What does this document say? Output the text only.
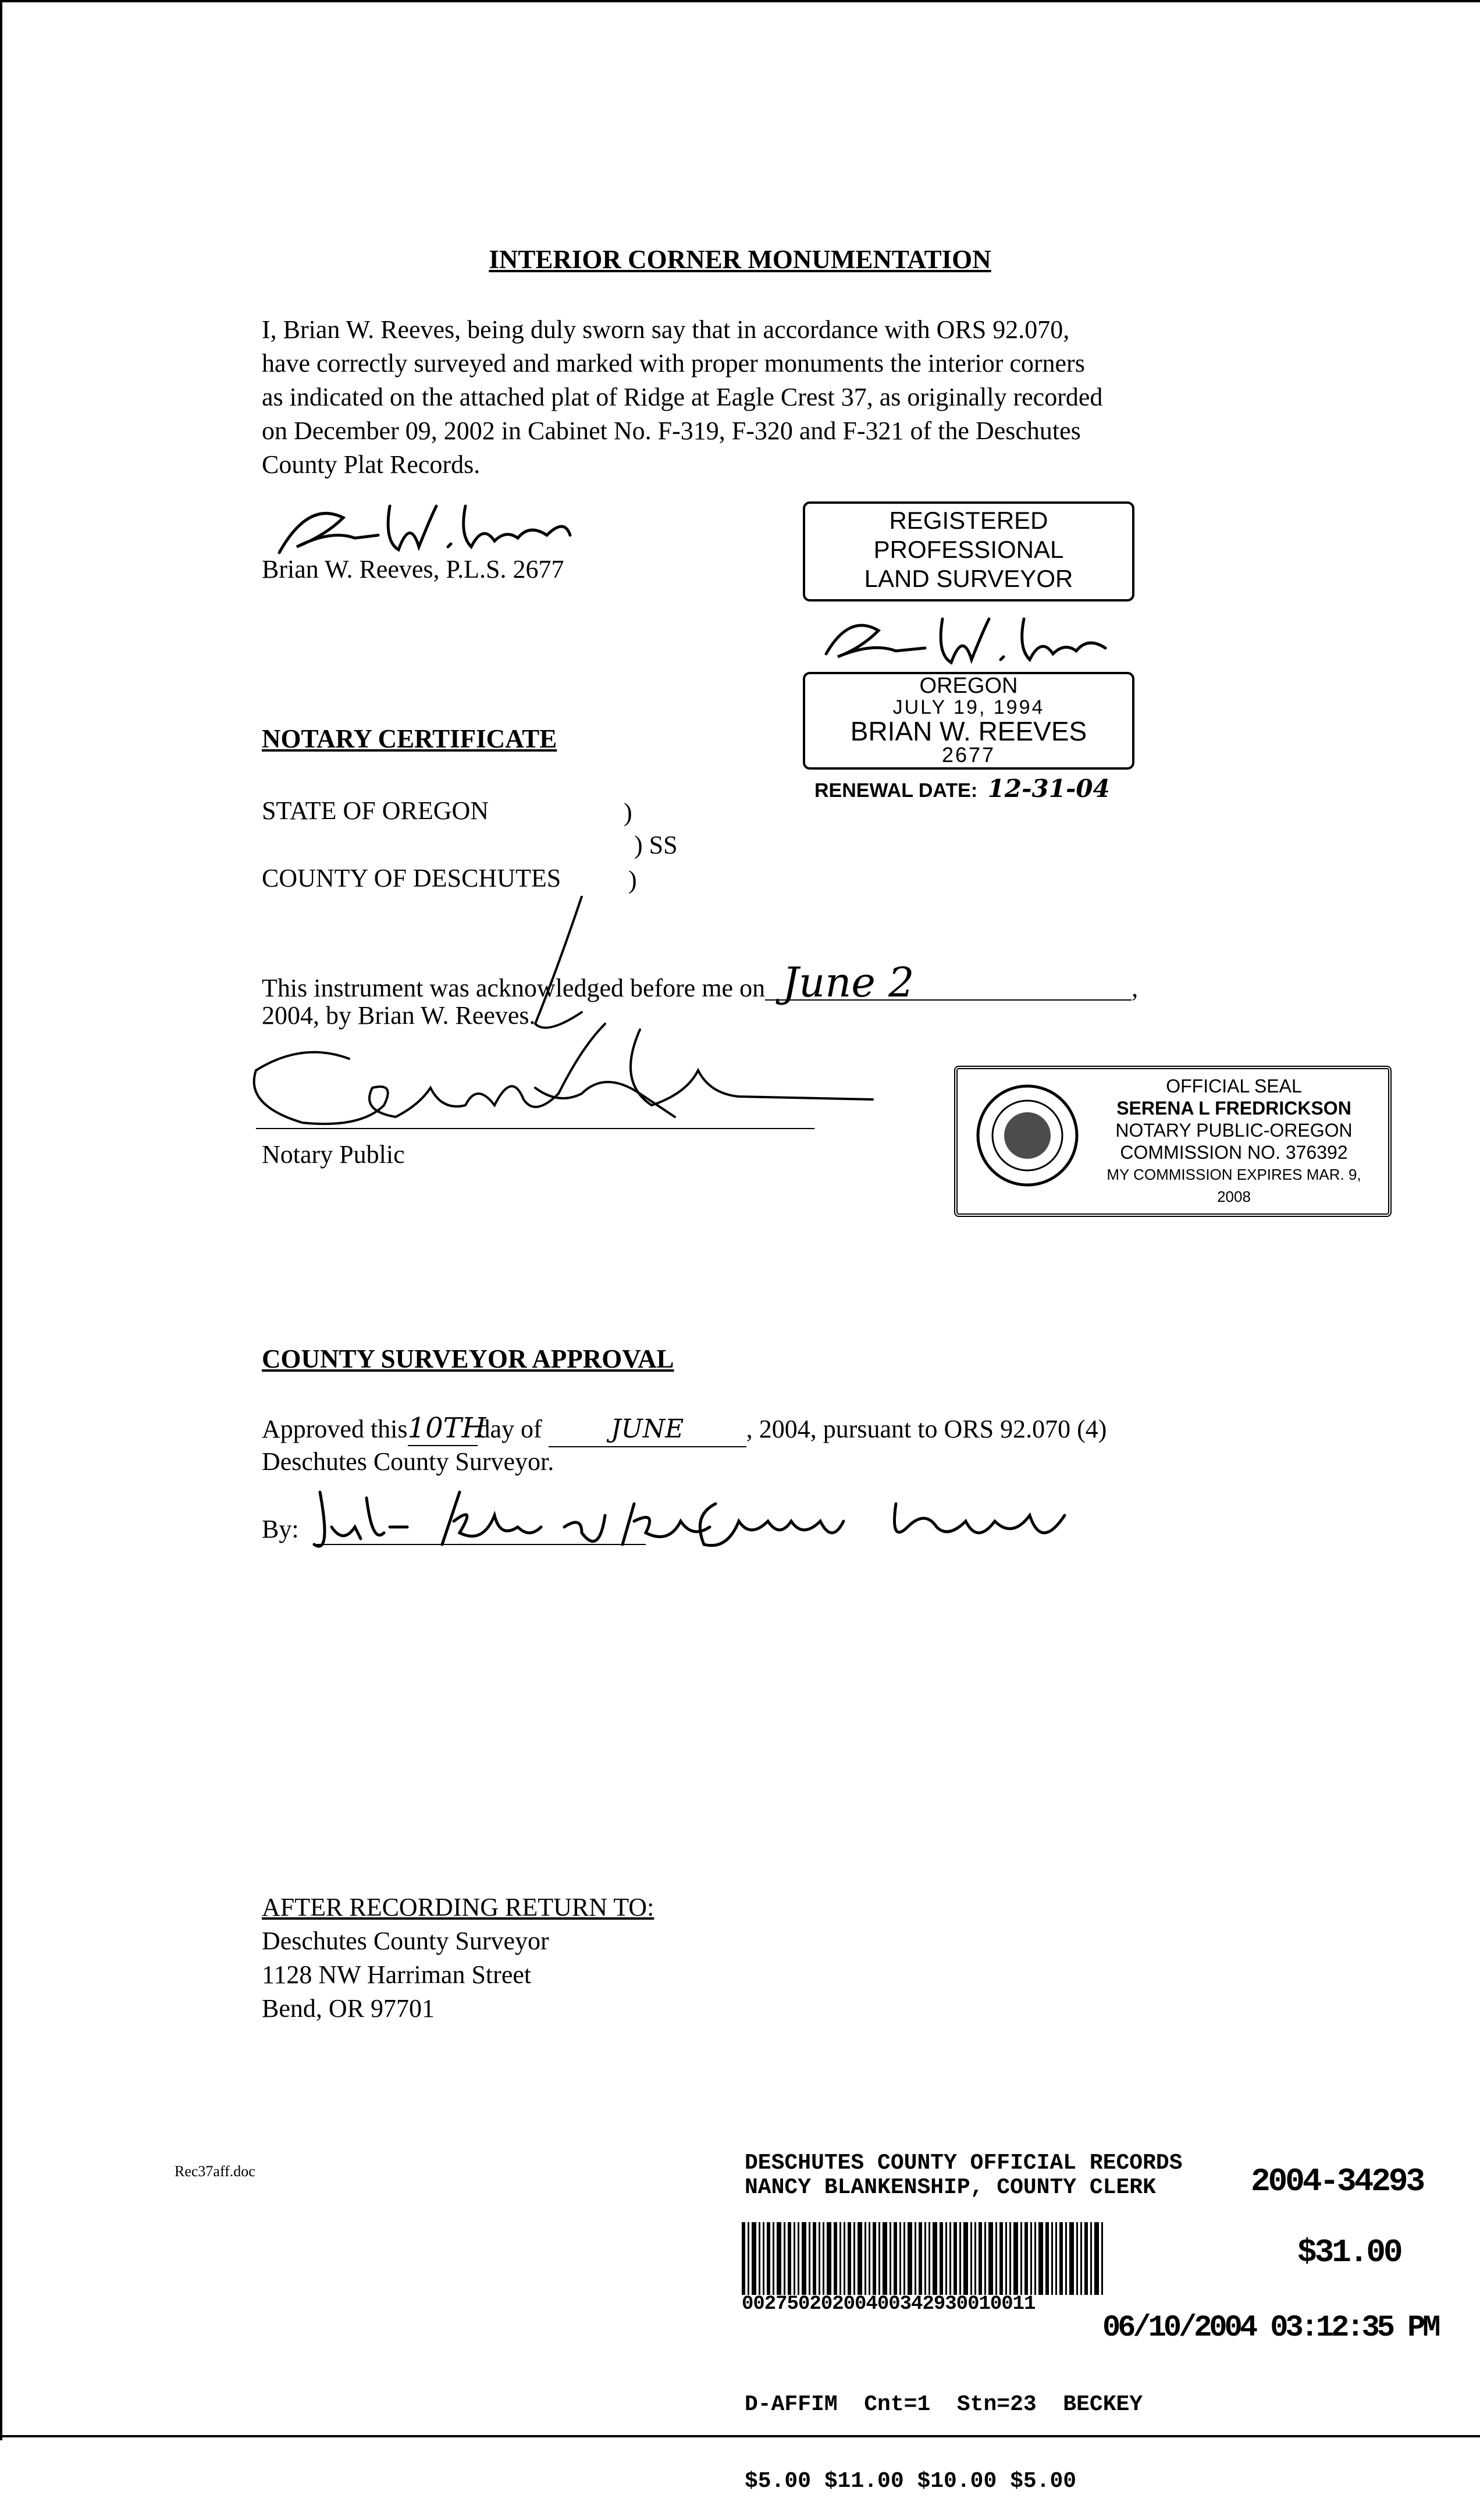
INTERIOR CORNER MONUMENTATION
I, Brian W. Reeves, being duly sworn say that in accordance with ORS 92.070,
have correctly surveyed and marked with proper monuments the interior corners
as indicated on the attached plat of Ridge at Eagle Crest 37, as originally recorded
on December 09, 2002 in Cabinet No. F-319, F-320 and F-321 of the Deschutes
County Plat Records.
Brian W. Reeves, P.L.S. 2677
REGISTERED
PROFESSIONAL
LAND SURVEYOR
OREGON
JULY 19, 1994
BRIAN W. REEVES
2677
RENEWAL DATE: 12-31-04
NOTARY CERTIFICATE
STATE OF OREGON	)
) SS
COUNTY OF DESCHUTES	)
This instrument was acknowledged before me on June 2	,
2004, by Brian W. Reeves.
Notary Public
OFFICIAL SEAL
SERENA L FREDRICKSON
NOTARY PUBLIC-OREGON
COMMISSION NO. 376392
MY COMMISSION EXPIRES MAR. 9, 2008
COUNTY SURVEYOR APPROVAL
Approved this10THday of	JUNE , 2004, pursuant to ORS 92.070 (4)
Deschutes County Surveyor.
By:
AFTER RECORDING RETURN TO:
Deschutes County Surveyor
1128 NW Harriman Street
Bend, OR 97701
Rec37aff.doc	DESCHUTES COUNTY OFFICIAL RECORDS
NANCY BLANKENSHIP, COUNTY CLERK	2004-34293
$31.00
00275020200400342930010011
06/10/2004 03:12:35 PM

D-AFFIM  Cnt=1  Stn=23  BECKEY

$5.00 $11.00 $10.00 $5.00
